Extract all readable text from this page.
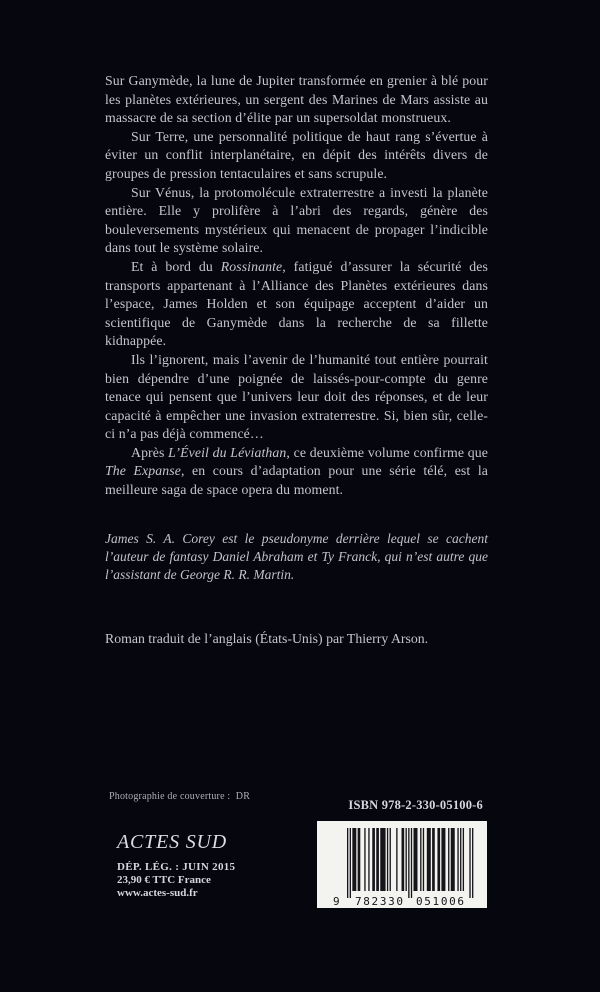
Sur Ganymède, la lune de Jupiter transformée en grenier à blé pour les planètes extérieures, un sergent des Marines de Mars assiste au massacre de sa section d’élite par un supersoldat monstrueux.

Sur Terre, une personnalité politique de haut rang s’évertue à éviter un conflit interplanétaire, en dépit des intérêts divers de groupes de pression tentaculaires et sans scrupule.

Sur Vénus, la protomolécule extraterrestre a investi la planète entière. Elle y prolifère à l’abri des regards, génère des bouleversements mystérieux qui menacent de propager l’indicible dans tout le système solaire.

Et à bord du Rossinante, fatigué d’assurer la sécurité des transports appartenant à l’Alliance des Planètes extérieures dans l’espace, James Holden et son équipage acceptent d’aider un scientifique de Ganymède dans la recherche de sa fillette kidnappée.

Ils l’ignorent, mais l’avenir de l’humanité tout entière pourrait bien dépendre d’une poignée de laissés-pour-compte du genre tenace qui pensent que l’univers leur doit des réponses, et de leur capacité à empêcher une invasion extraterrestre. Si, bien sûr, celle-ci n’a pas déjà commencé…

Après L’Éveil du Léviathan, ce deuxième volume confirme que The Expanse, en cours d’adaptation pour une série télé, est la meilleure saga de space opera du moment.

James S. A. Corey est le pseudonyme derrière lequel se cachent l’auteur de fantasy Daniel Abraham et Ty Franck, qui n’est autre que l’assistant de George R. R. Martin.
Roman traduit de l’anglais (États-Unis) par Thierry Arson.
Photographie de couverture :  DR
ACTES SUD
DÉP. LÉG. : JUIN 2015
23,90 € TTC France
www.actes-sud.fr
ISBN 978-2-330-05100-6
9 782330 051006
